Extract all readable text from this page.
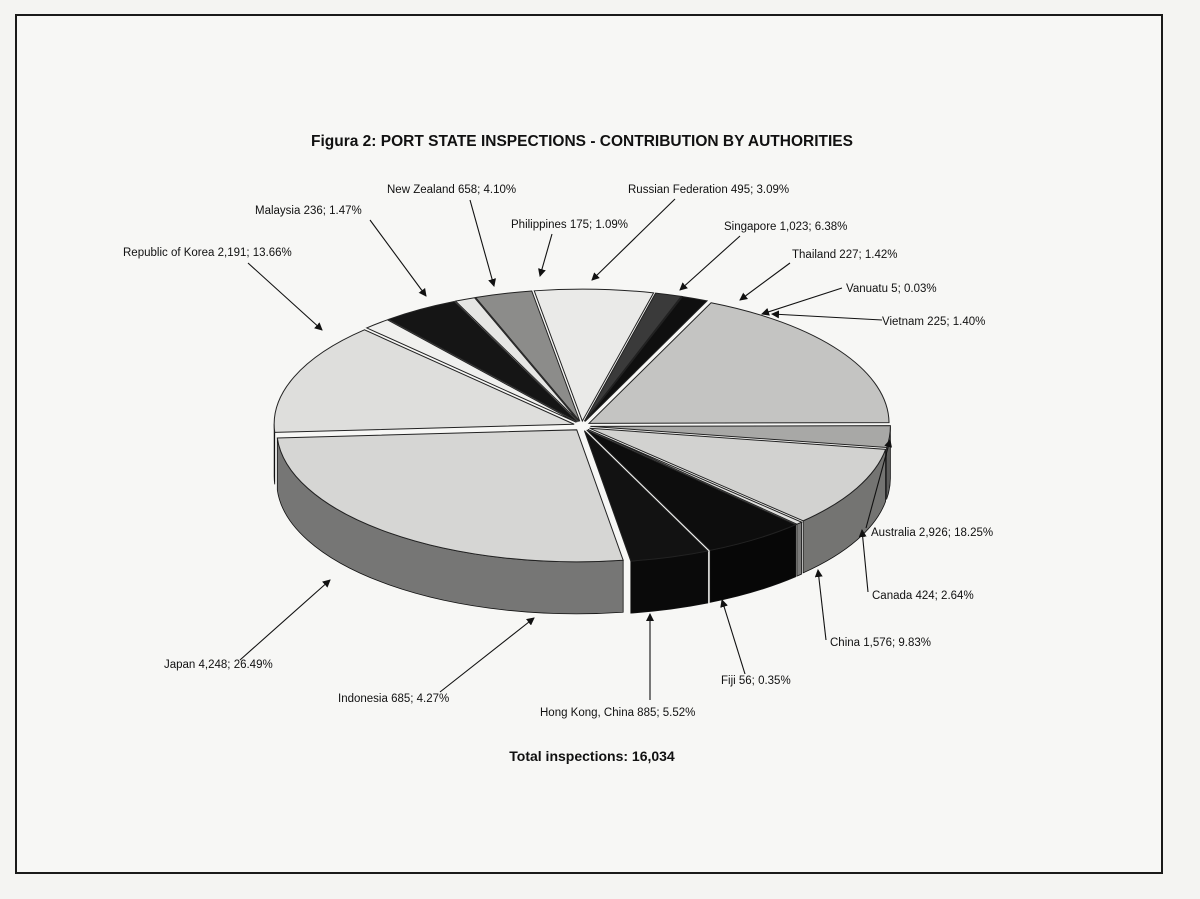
Figura 2: PORT STATE INSPECTIONS - CONTRIBUTION BY AUTHORITIES
Australia 2,926; 18.25%
Canada 424; 2.64%
China 1,576; 9.83%
Fiji 56; 0.35%
Hong Kong, China 885; 5.52%
Indonesia 685; 4.27%
Japan 4,248; 26.49%
Republic of Korea 2,191; 13.66%
Malaysia 236; 1.47%
New Zealand 658; 4.10%
Philippines 175; 1.09%
Russian Federation 495; 3.09%
Singapore 1,023; 6.38%
Thailand 227; 1.42%
Vanuatu 5; 0.03%
Vietnam 225; 1.40%
Total inspections: 16,034
